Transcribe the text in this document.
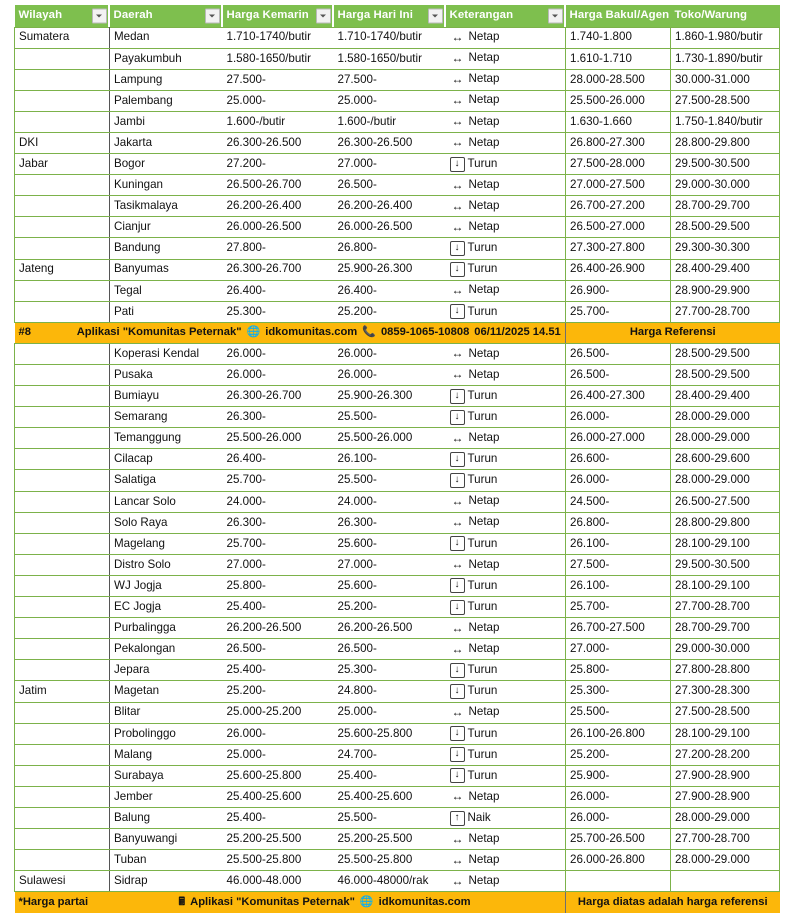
Wilayah	Daerah	Harga Kemarin	Harga Hari Ini	Keterangan	Harga Bakul/Agen	Toko/Warung
Sumatera	Medan	1.710-1740/butir	1.710-1740/butir	↔ Netap	1.740-1.800	1.860-1.980/butir
	Payakumbuh	1.580-1650/butir	1.580-1650/butir	↔ Netap	1.610-1.710	1.730-1.890/butir
	Lampung	27.500-	27.500-	↔ Netap	28.000-28.500	30.000-31.000
	Palembang	25.000-	25.000-	↔ Netap	25.500-26.000	27.500-28.500
	Jambi	1.600-/butir	1.600-/butir	↔ Netap	1.630-1.660	1.750-1.840/butir
DKI	Jakarta	26.300-26.500	26.300-26.500	↔ Netap	26.800-27.300	28.800-29.800
Jabar	Bogor	27.200-	27.000-	↓ Turun	27.500-28.000	29.500-30.500
	Kuningan	26.500-26.700	26.500-	↔ Netap	27.000-27.500	29.000-30.000
	Tasikmalaya	26.200-26.400	26.200-26.400	↔ Netap	26.700-27.200	28.700-29.700
	Cianjur	26.000-26.500	26.000-26.500	↔ Netap	26.500-27.000	28.500-29.500
	Bandung	27.800-	26.800-	↓ Turun	27.300-27.800	29.300-30.300
Jateng	Banyumas	26.300-26.700	25.900-26.300	↓ Turun	26.400-26.900	28.400-29.400
	Tegal	26.400-	26.400-	↔ Netap	26.900-	28.900-29.900
	Pati	25.300-	25.200-	↓ Turun	25.700-	27.700-28.700

#8	Aplikasi "Komunitas Peternak" 🌐 idkomunitas.com 📞 0859-1065-10808 06/11/2025 14.51	Harga Referensi
	Koperasi Kendal	26.000-	26.000-	↔ Netap	26.500-	28.500-29.500
	Pusaka	26.000-	26.000-	↔ Netap	26.500-	28.500-29.500
	Bumiayu	26.300-26.700	25.900-26.300	↓ Turun	26.400-27.300	28.400-29.400
	Semarang	26.300-	25.500-	↓ Turun	26.000-	28.000-29.000
	Temanggung	25.500-26.000	25.500-26.000	↔ Netap	26.000-27.000	28.000-29.000
	Cilacap	26.400-	26.100-	↓ Turun	26.600-	28.600-29.600
	Salatiga	25.700-	25.500-	↓ Turun	26.000-	28.000-29.000
	Lancar Solo	24.000-	24.000-	↔ Netap	24.500-	26.500-27.500
	Solo Raya	26.300-	26.300-	↔ Netap	26.800-	28.800-29.800
	Magelang	25.700-	25.600-	↓ Turun	26.100-	28.100-29.100
	Distro Solo	27.000-	27.000-	↔ Netap	27.500-	29.500-30.500
	WJ Jogja	25.800-	25.600-	↓ Turun	26.100-	28.100-29.100
	EC Jogja	25.400-	25.200-	↓ Turun	25.700-	27.700-28.700
	Purbalingga	26.200-26.500	26.200-26.500	↔ Netap	26.700-27.500	28.700-29.700
	Pekalongan	26.500-	26.500-	↔ Netap	27.000-	29.000-30.000
	Jepara	25.400-	25.300-	↓ Turun	25.800-	27.800-28.800
Jatim	Magetan	25.200-	24.800-	↓ Turun	25.300-	27.300-28.300
	Blitar	25.000-25.200	25.000-	↔ Netap	25.500-	27.500-28.500
	Probolinggo	26.000-	25.600-25.800	↓ Turun	26.100-26.800	28.100-29.100
	Malang	25.000-	24.700-	↓ Turun	25.200-	27.200-28.200
	Surabaya	25.600-25.800	25.400-	↓ Turun	25.900-	27.900-28.900
	Jember	25.400-25.600	25.400-25.600	↔ Netap	26.000-	27.900-28.900
	Balung	25.400-	25.500-	↑ Naik	26.000-	28.000-29.000
	Banyuwangi	25.200-25.500	25.200-25.500	↔ Netap	25.700-26.500	27.700-28.700
	Tuban	25.500-25.800	25.500-25.800	↔ Netap	26.000-26.800	28.000-29.000
Sulawesi	Sidrap	46.000-48.000	46.000-48000/rak	↔ Netap		

*Harga partai 🖩 Aplikasi "Komunitas Peternak" 🌐 idkomunitas.com					Harga diatas adalah harga referensi	
